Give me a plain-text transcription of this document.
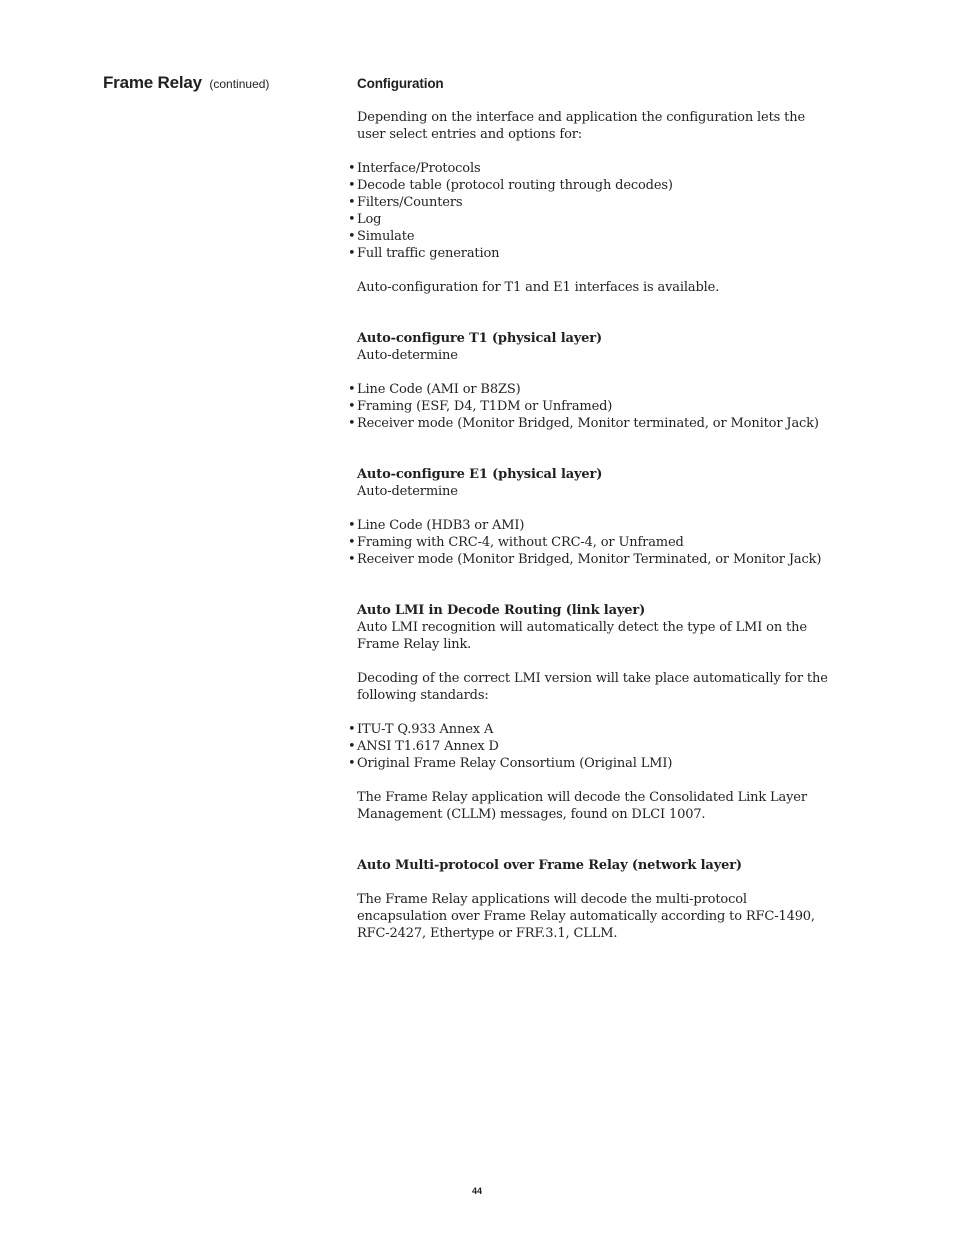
Frame Relay (continued)	Configuration

Depending on the interface and application the configuration lets the user select entries and options for:

• Interface/Protocols
• Decode table (protocol routing through decodes)
• Filters/Counters
• Log
• Simulate
• Full traffic generation

Auto-configuration for T1 and E1 interfaces is available.

Auto-configure T1 (physical layer)

Auto-determine

• Line Code (AMI or B8ZS)
• Framing (ESF, D4, T1DM or Unframed)
• Receiver mode (Monitor Bridged, Monitor terminated, or Monitor Jack)

Auto-configure E1 (physical layer)

Auto-determine

• Line Code (HDB3 or AMI)
• Framing with CRC-4, without CRC-4, or Unframed
• Receiver mode (Monitor Bridged, Monitor Terminated, or Monitor Jack)

Auto LMI in Decode Routing (link layer)

Auto LMI recognition will automatically detect the type of LMI on the Frame Relay link.

Decoding of the correct LMI version will take place automatically for the following standards:

• ITU-T Q.933 Annex A
• ANSI T1.617 Annex D
• Original Frame Relay Consortium (Original LMI)

The Frame Relay application will decode the Consolidated Link Layer Management (CLLM) messages, found on DLCI 1007.

Auto Multi-protocol over Frame Relay (network layer)

The Frame Relay applications will decode the multi-protocol encapsulation over Frame Relay automatically according to RFC-1490, RFC-2427, Ethertype or FRF.3.1, CLLM.

44
